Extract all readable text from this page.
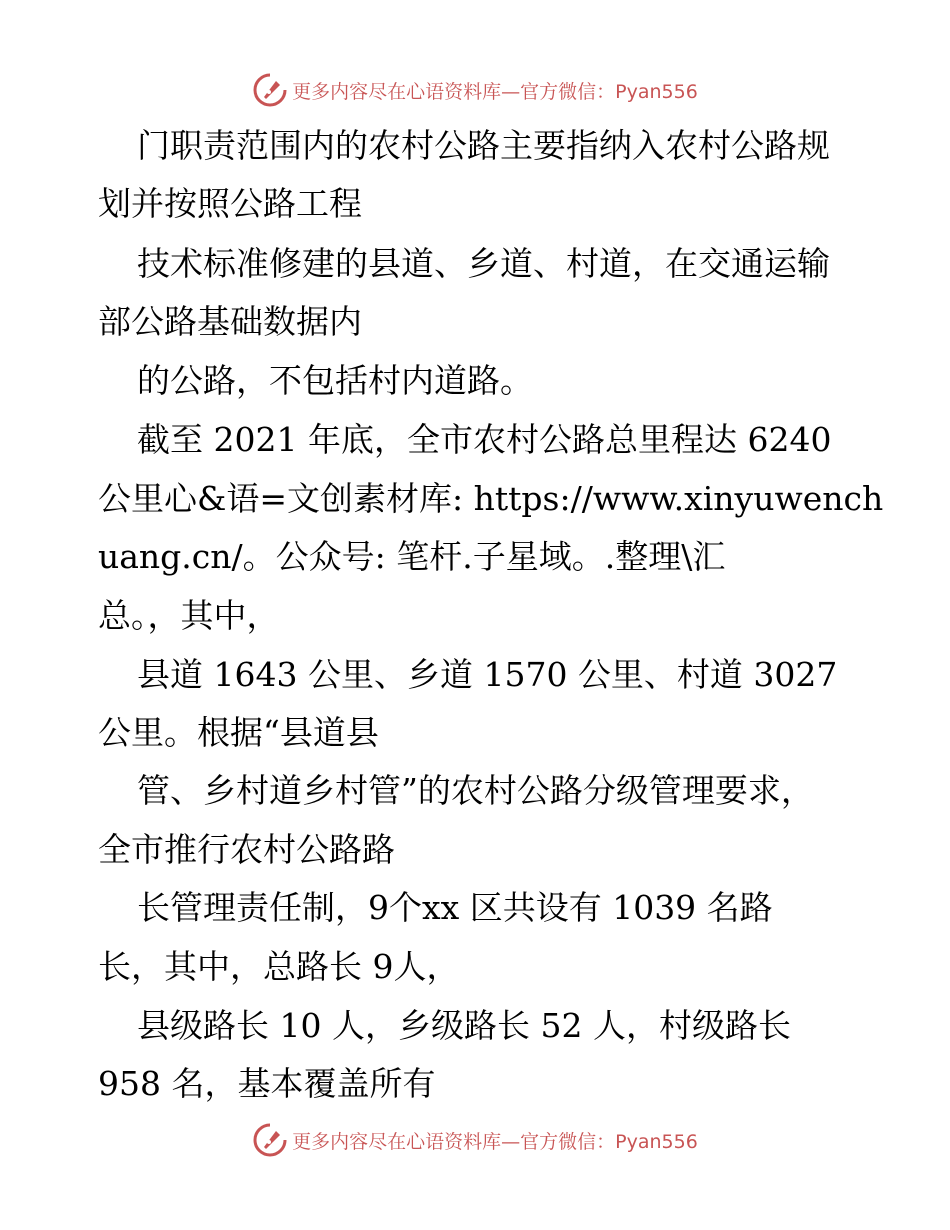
更多内容尽在心语资料库—官方微信：Pyan556

门职责范围内的农村公路主要指纳入农村公路规

划并按照公路工程

技术标准修建的县道、乡道、村道，在交通运输

部公路基础数据内

的公路，不包括村内道路。

截至 2021 年底，全市农村公路总里程达 6240

公里心&语=文创素材库: https://www.xinyuwench

uang.cn/。公众号: 笔杆.子星域。.整理\汇

总。，其中，

县道 1643 公里、乡道 1570 公里、村道 3027

公里。根据“县道县

管、乡村道乡村管”的农村公路分级管理要求，

全市推行农村公路路

长管理责任制，9个xx 区共设有 1039 名路

长，其中，总路长 9人，

县级路长 10 人，乡级路长 52 人，村级路长

958 名，基本覆盖所有

更多内容尽在心语资料库—官方微信：Pyan556
